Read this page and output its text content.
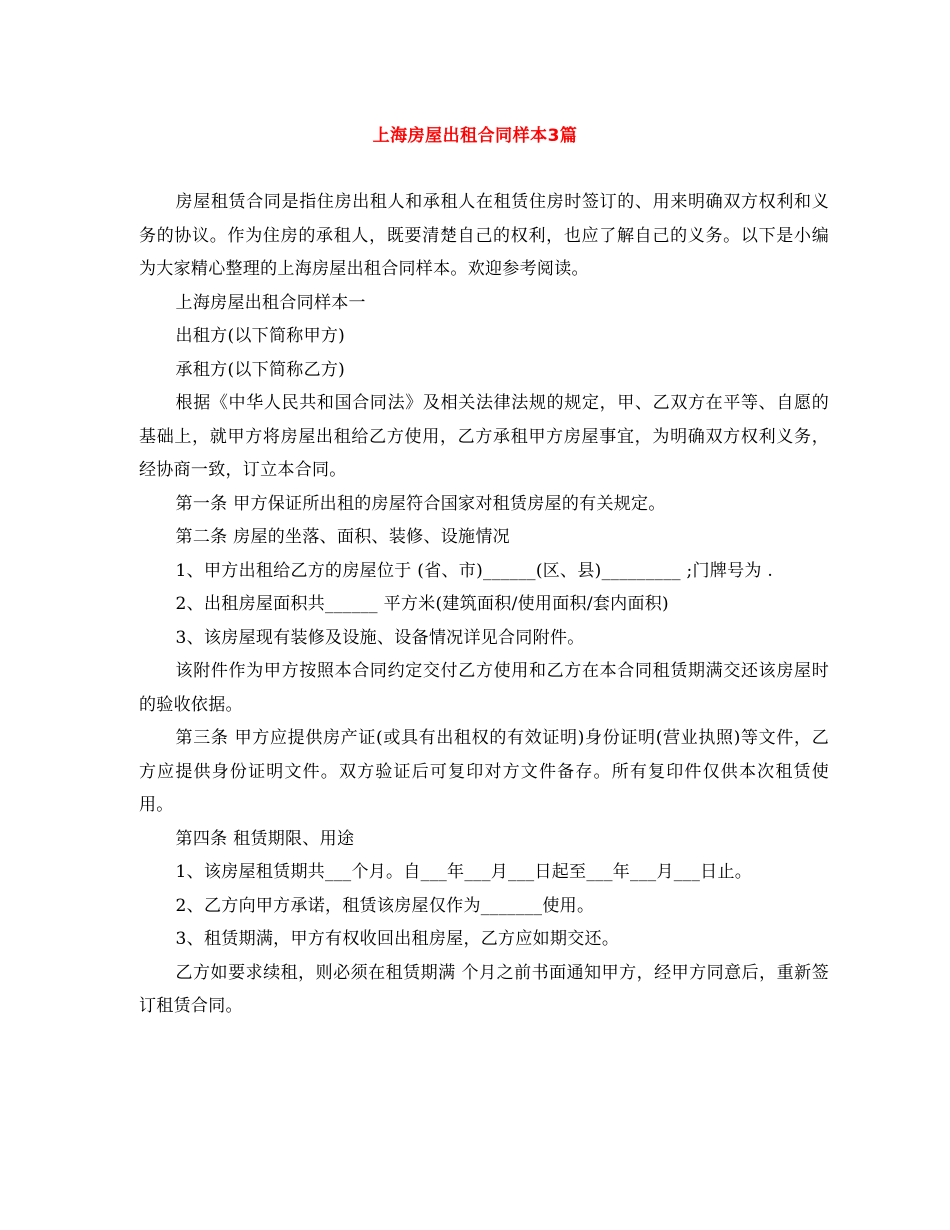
上海房屋出租合同样本3篇

房屋租赁合同是指住房出租人和承租人在租赁住房时签订的、用来明确双方权利和义务的协议。作为住房的承租人，既要清楚自己的权利，也应了解自己的义务。以下是小编为大家精心整理的上海房屋出租合同样本。欢迎参考阅读。

上海房屋出租合同样本一

出租方(以下简称甲方)

承租方(以下简称乙方)

根据《中华人民共和国合同法》及相关法律法规的规定，甲、乙双方在平等、自愿的基础上，就甲方将房屋出租给乙方使用，乙方承租甲方房屋事宜，为明确双方权利义务，经协商一致，订立本合同。

第一条 甲方保证所出租的房屋符合国家对租赁房屋的有关规定。

第二条 房屋的坐落、面积、装修、设施情况

1、甲方出租给乙方的房屋位于 (省、市)______(区、县)_________ ;门牌号为 .

2、出租房屋面积共______ 平方米(建筑面积/使用面积/套内面积)

3、该房屋现有装修及设施、设备情况详见合同附件。

该附件作为甲方按照本合同约定交付乙方使用和乙方在本合同租赁期满交还该房屋时的验收依据。

第三条 甲方应提供房产证(或具有出租权的有效证明)身份证明(营业执照)等文件，乙方应提供身份证明文件。双方验证后可复印对方文件备存。所有复印件仅供本次租赁使用。

第四条 租赁期限、用途

1、该房屋租赁期共___个月。自___年___月___日起至___年___月___日止。

2、乙方向甲方承诺，租赁该房屋仅作为_______使用。

3、租赁期满，甲方有权收回出租房屋，乙方应如期交还。

乙方如要求续租，则必须在租赁期满 个月之前书面通知甲方，经甲方同意后，重新签订租赁合同。
